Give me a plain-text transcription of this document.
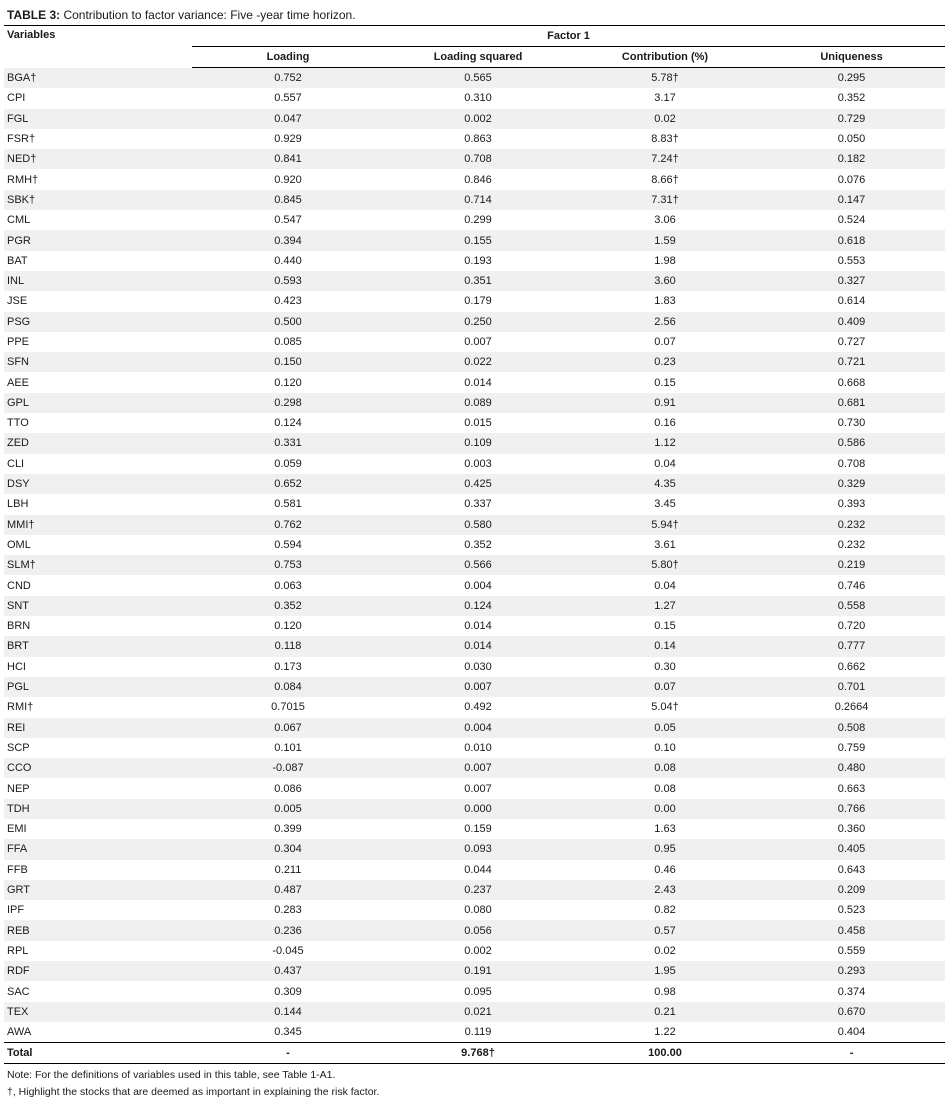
TABLE 3: Contribution to factor variance: Five -year time horizon.
Variables	Factor 1			
	Loading	Loading squared	Contribution (%)	Uniqueness
BGA†	0.752	0.565	5.78†	0.295
CPI	0.557	0.310	3.17	0.352
FGL	0.047	0.002	0.02	0.729
FSR†	0.929	0.863	8.83†	0.050
NED†	0.841	0.708	7.24†	0.182
RMH†	0.920	0.846	8.66†	0.076
SBK†	0.845	0.714	7.31†	0.147
CML	0.547	0.299	3.06	0.524
PGR	0.394	0.155	1.59	0.618
BAT	0.440	0.193	1.98	0.553
INL	0.593	0.351	3.60	0.327
JSE	0.423	0.179	1.83	0.614
PSG	0.500	0.250	2.56	0.409
PPE	0.085	0.007	0.07	0.727
SFN	0.150	0.022	0.23	0.721
AEE	0.120	0.014	0.15	0.668
GPL	0.298	0.089	0.91	0.681
TTO	0.124	0.015	0.16	0.730
ZED	0.331	0.109	1.12	0.586
CLI	0.059	0.003	0.04	0.708
DSY	0.652	0.425	4.35	0.329
LBH	0.581	0.337	3.45	0.393
MMI†	0.762	0.580	5.94†	0.232
OML	0.594	0.352	3.61	0.232
SLM†	0.753	0.566	5.80†	0.219
CND	0.063	0.004	0.04	0.746
SNT	0.352	0.124	1.27	0.558
BRN	0.120	0.014	0.15	0.720
BRT	0.118	0.014	0.14	0.777
HCI	0.173	0.030	0.30	0.662
PGL	0.084	0.007	0.07	0.701
RMI†	0.7015	0.492	5.04†	0.2664
REI	0.067	0.004	0.05	0.508
SCP	0.101	0.010	0.10	0.759
CCO	-0.087	0.007	0.08	0.480
NEP	0.086	0.007	0.08	0.663
TDH	0.005	0.000	0.00	0.766
EMI	0.399	0.159	1.63	0.360
FFA	0.304	0.093	0.95	0.405
FFB	0.211	0.044	0.46	0.643
GRT	0.487	0.237	2.43	0.209
IPF	0.283	0.080	0.82	0.523
REB	0.236	0.056	0.57	0.458
RPL	-0.045	0.002	0.02	0.559
RDF	0.437	0.191	1.95	0.293
SAC	0.309	0.095	0.98	0.374
TEX	0.144	0.021	0.21	0.670
AWA	0.345	0.119	1.22	0.404
Total	-	9.768†	100.00	-
Note: For the definitions of variables used in this table, see Table 1-A1.
†, Highlight the stocks that are deemed as important in explaining the risk factor.
